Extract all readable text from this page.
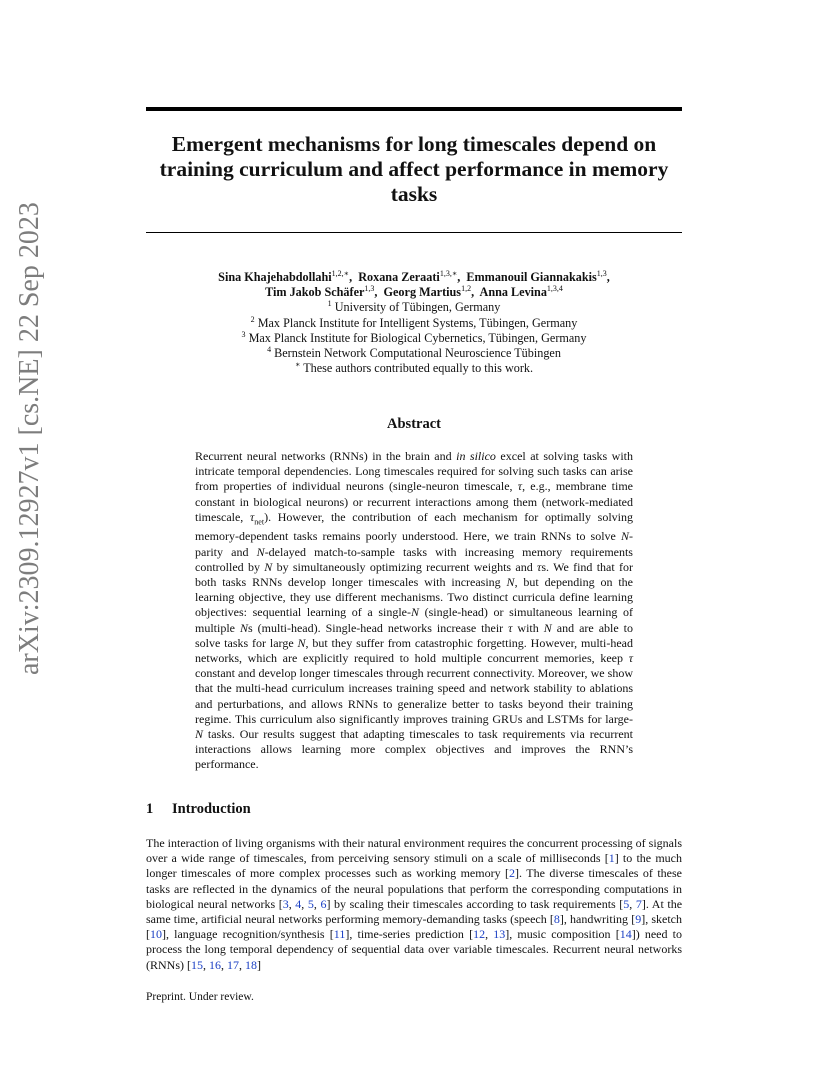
arXiv:2309.12927v1 [cs.NE] 22 Sep 2023
Emergent mechanisms for long timescales depend on training curriculum and affect performance in memory tasks
Sina Khajehabdollahi$^{1,2,∗}$,  Roxana Zeraati$^{1,3,∗}$,  Emmanouil Giannakakis$^{1,3}$,
Tim Jakob Schäfer$^{1,3}$,  Georg Martius$^{1,2}$,  Anna Levina$^{1,3,4}$
$^1$ University of Tübingen, Germany
$^2$ Max Planck Institute for Intelligent Systems, Tübingen, Germany
$^3$ Max Planck Institute for Biological Cybernetics, Tübingen, Germany
$^4$ Bernstein Network Computational Neuroscience Tübingen
∗ These authors contributed equally to this work.
Abstract

Recurrent neural networks (RNNs) in the brain and in silico excel at solving tasks with intricate temporal dependencies. Long timescales required for solving such tasks can arise from properties of individual neurons (single-neuron timescale, τ, e.g., membrane time constant in biological neurons) or recurrent interactions among them (network-mediated timescale, $\tau_{net}$). However, the contribution of each mechanism for optimally solving memory-dependent tasks remains poorly understood. Here, we train RNNs to solve N-parity and N-delayed match-to-sample tasks with increasing memory requirements controlled by N by simultaneously optimizing recurrent weights and τs. We find that for both tasks RNNs develop longer timescales with increasing N, but depending on the learning objective, they use different mechanisms. Two distinct curricula define learning objectives: sequential learning of a single-N (single-head) or simultaneous learning of multiple Ns (multi-head). Single-head networks increase their τ with N and are able to solve tasks for large N, but they suffer from catastrophic forgetting. However, multi-head networks, which are explicitly required to hold multiple concurrent memories, keep τ constant and develop longer timescales through recurrent connectivity. Moreover, we show that the multi-head curriculum increases training speed and network stability to ablations and perturbations, and allows RNNs to generalize better to tasks beyond their training regime. This curriculum also significantly improves training GRUs and LSTMs for large-N tasks. Our results suggest that adapting timescales to task requirements via recurrent interactions allows learning more complex objectives and improves the RNN’s performance.

1 Introduction

The interaction of living organisms with their natural environment requires the concurrent processing of signals over a wide range of timescales, from perceiving sensory stimuli on a scale of milliseconds [1] to the much longer timescales of more complex processes such as working memory [2]. The diverse timescales of these tasks are reflected in the dynamics of the neural populations that perform the corresponding computations in biological neural networks [3, 4, 5, 6] by scaling their timescales according to task requirements [5, 7]. At the same time, artificial neural networks performing memory-demanding tasks (speech [8], handwriting [9], sketch [10], language recognition/synthesis [11], time-series prediction [12, 13], music composition [14]) need to process the long temporal dependency of sequential data over variable timescales. Recurrent neural networks (RNNs) [15, 16, 17, 18]

Preprint. Under review.
